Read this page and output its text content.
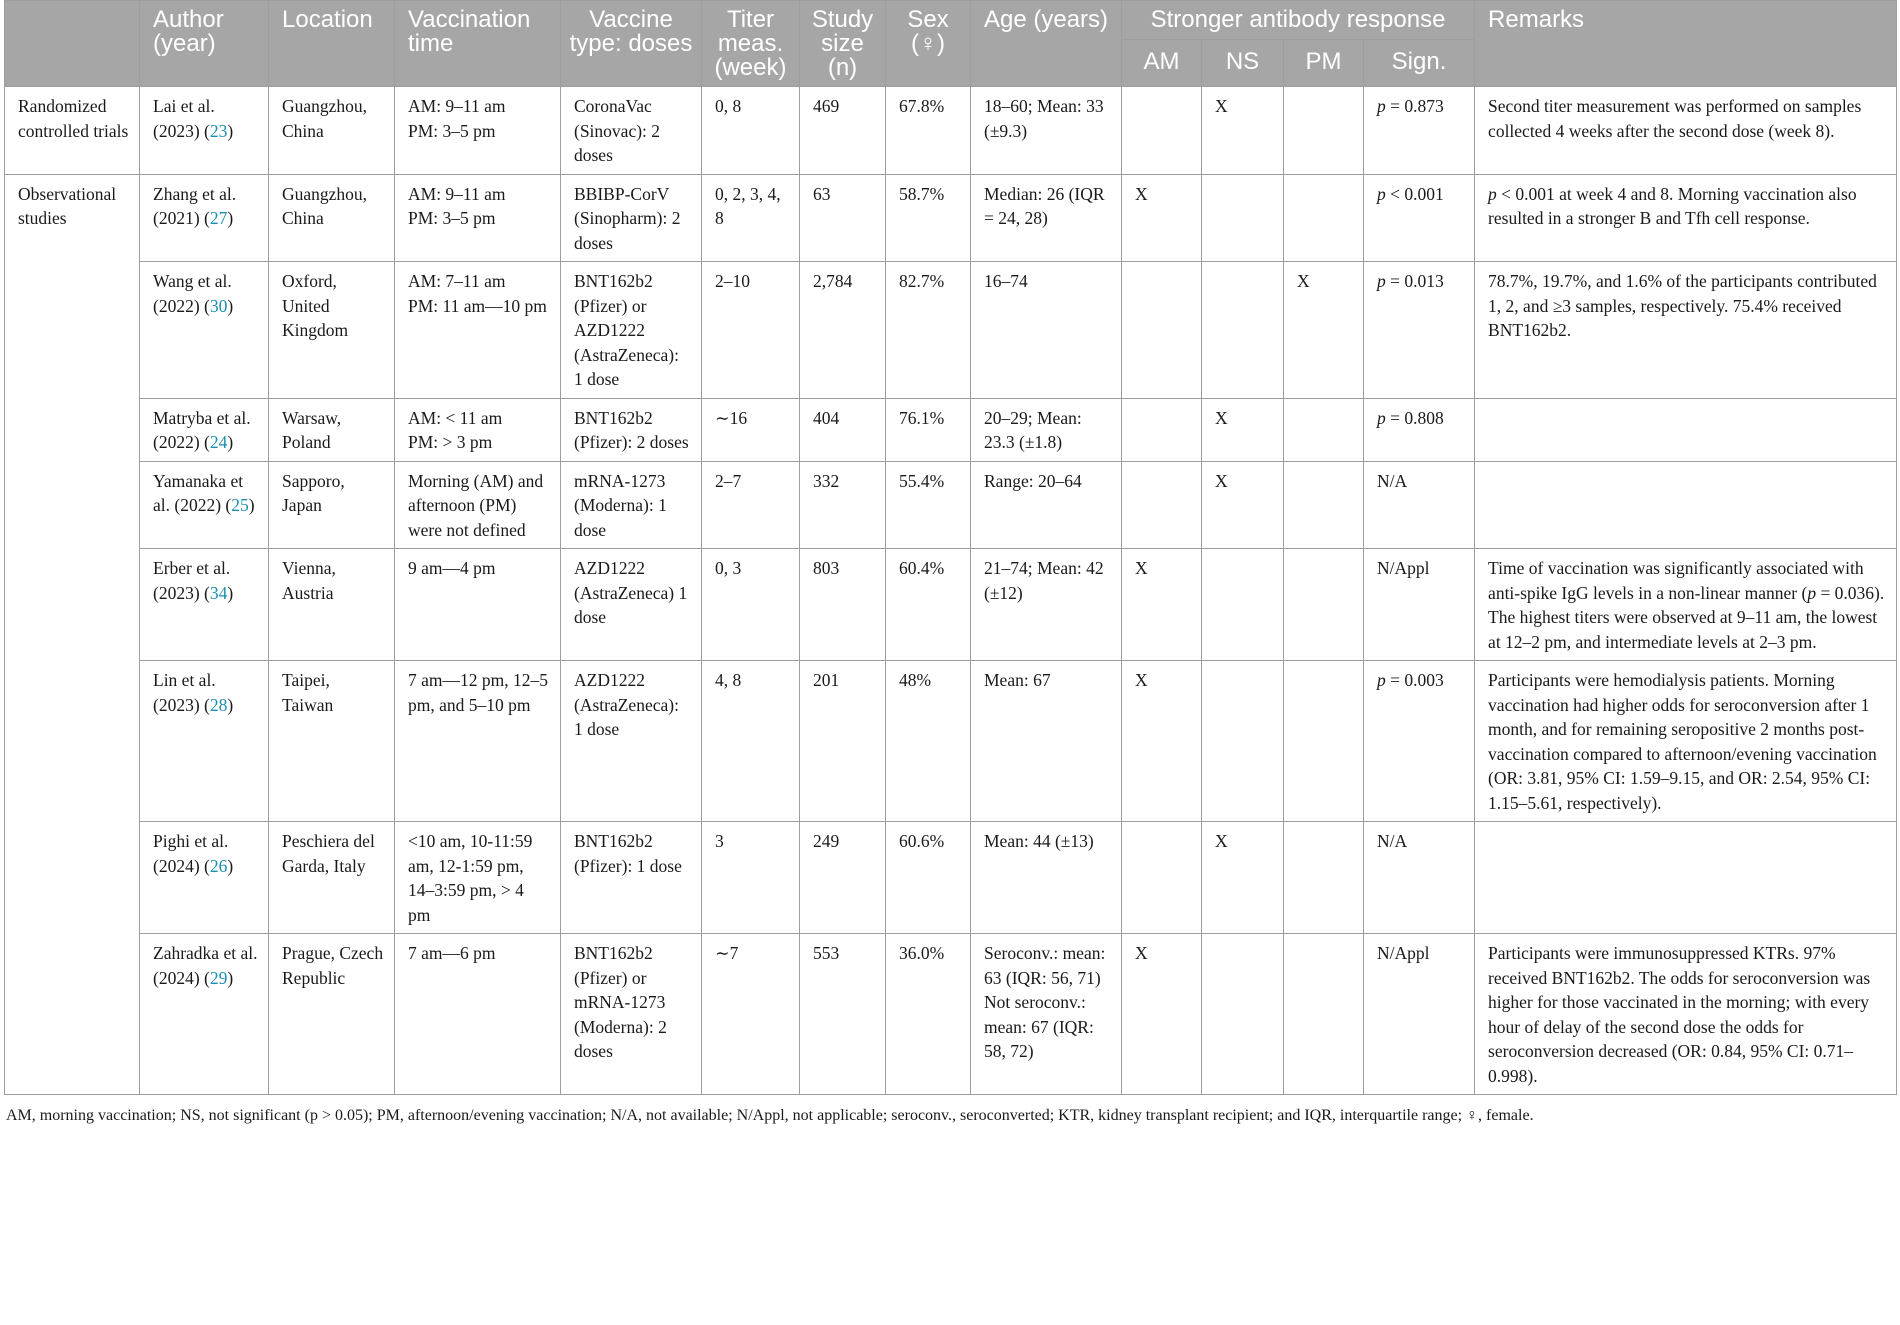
	Author (year)	Location	Vaccination time	Vaccine type: doses	Titer meas. (week)	Study size (n)	Sex (♀)	Age (years)	Stronger antibody response				Remarks
									AM	NS	PM	Sign.	
Randomized controlled trials	Lai et al. (2023) (23)	Guangzhou, China	AM: 9–11 am
PM: 3–5 pm	CoronaVac (Sinovac): 2 doses	0, 8	469	67.8%	18–60; Mean: 33 (±9.3)		X		p = 0.873	Second titer measurement was performed on samples collected 4 weeks after the second dose (week 8).
Observational studies	Zhang et al. (2021) (27)	Guangzhou, China	AM: 9–11 am
PM: 3–5 pm	BBIBP-CorV (Sinopharm): 2 doses	0, 2, 3, 4, 8	63	58.7%	Median: 26 (IQR = 24, 28)	X			p < 0.001	p < 0.001 at week 4 and 8. Morning vaccination also resulted in a stronger B and Tfh cell response.
	Wang et al. (2022) (30)	Oxford, United Kingdom	AM: 7–11 am
PM: 11 am—10 pm	BNT162b2 (Pfizer) or AZD1222 (AstraZeneca): 1 dose	2–10	2,784	82.7%	16–74			X	p = 0.013	78.7%, 19.7%, and 1.6% of the participants contributed 1, 2, and ≥3 samples, respectively. 75.4% received BNT162b2.
	Matryba et al. (2022) (24)	Warsaw, Poland	AM: < 11 am
PM: > 3 pm	BNT162b2 (Pfizer): 2 doses	∼16	404	76.1%	20–29; Mean: 23.3 (±1.8)		X		p = 0.808	
	Yamanaka et al. (2022) (25)	Sapporo, Japan	Morning (AM) and afternoon (PM) were not defined	mRNA-1273 (Moderna): 1 dose	2–7	332	55.4%	Range: 20–64		X		N/A	
	Erber et al. (2023) (34)	Vienna, Austria	9 am—4 pm	AZD1222 (AstraZeneca) 1 dose	0, 3	803	60.4%	21–74; Mean: 42 (±12)	X			N/Appl	Time of vaccination was significantly associated with anti-spike IgG levels in a non-linear manner (p = 0.036). The highest titers were observed at 9–11 am, the lowest at 12–2 pm, and intermediate levels at 2–3 pm.
	Lin et al. (2023) (28)	Taipei, Taiwan	7 am—12 pm, 12–5 pm, and 5–10 pm	AZD1222 (AstraZeneca): 1 dose	4, 8	201	48%	Mean: 67	X			p = 0.003	Participants were hemodialysis patients. Morning vaccination had higher odds for seroconversion after 1 month, and for remaining seropositive 2 months post-vaccination compared to afternoon/evening vaccination (OR: 3.81, 95% CI: 1.59–9.15, and OR: 2.54, 95% CI: 1.15–5.61, respectively).
	Pighi et al. (2024) (26)	Peschiera del Garda, Italy	<10 am, 10-11:59 am, 12-1:59 pm, 14–3:59 pm, > 4 pm	BNT162b2 (Pfizer): 1 dose	3	249	60.6%	Mean: 44 (±13)		X		N/A	
	Zahradka et al. (2024) (29)	Prague, Czech Republic	7 am—6 pm	BNT162b2 (Pfizer) or mRNA-1273 (Moderna): 2 doses	∼7	553	36.0%	Seroconv.: mean: 63 (IQR: 56, 71) Not seroconv.: mean: 67 (IQR: 58, 72)	X			N/Appl	Participants were immunosuppressed KTRs. 97% received BNT162b2. The odds for seroconversion was higher for those vaccinated in the morning; with every hour of delay of the second dose the odds for seroconversion decreased (OR: 0.84, 95% CI: 0.71–0.998).
AM, morning vaccination; NS, not significant (p > 0.05); PM, afternoon/evening vaccination; N/A, not available; N/Appl, not applicable; seroconv., seroconverted; KTR, kidney transplant recipient; and IQR, interquartile range; ♀, female.
